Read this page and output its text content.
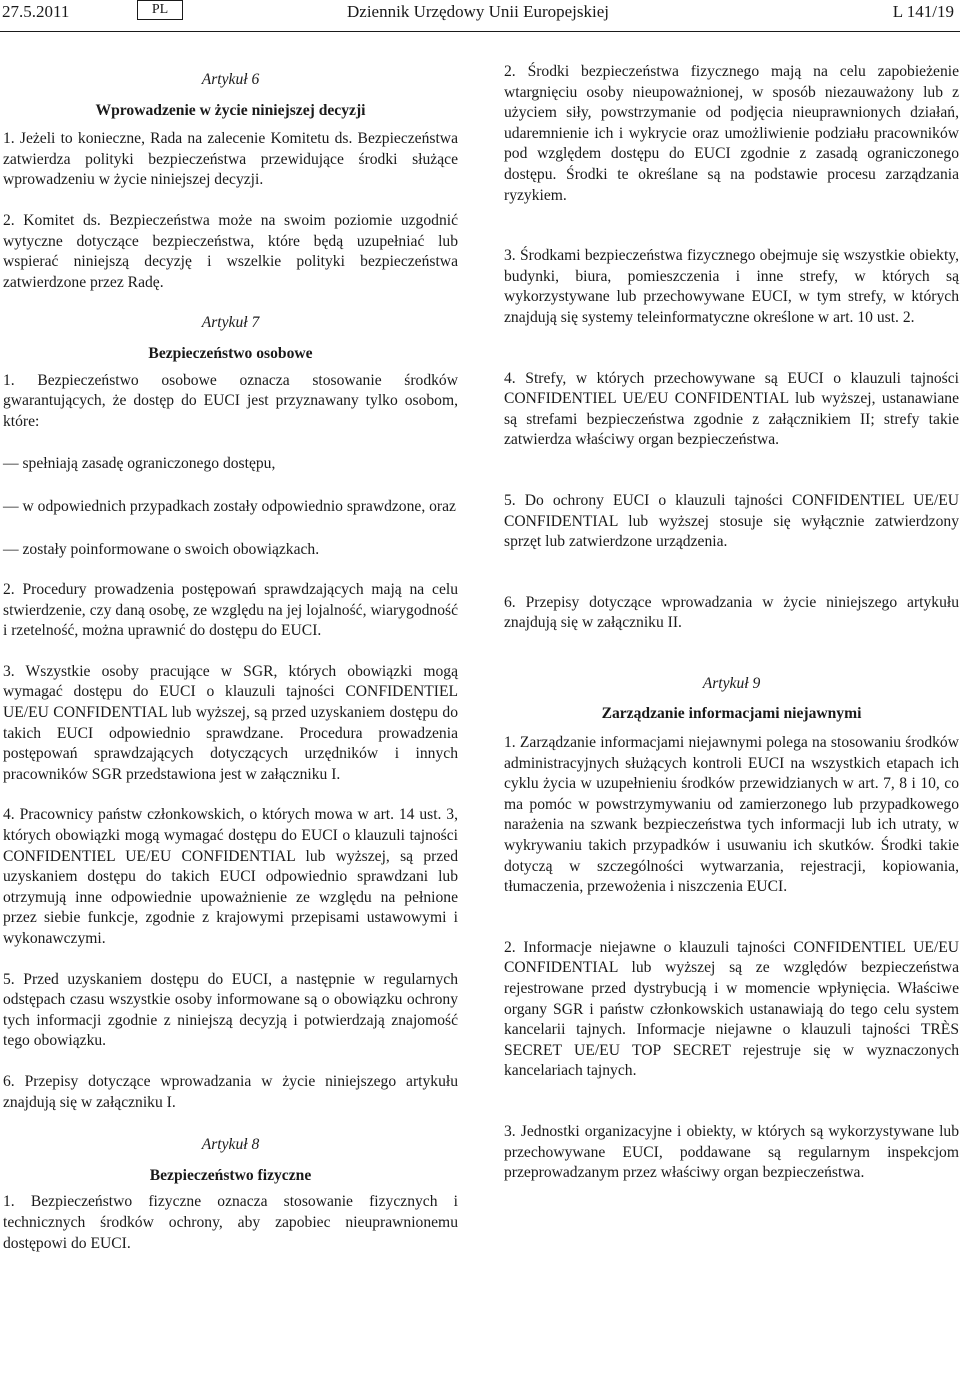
27.5.2011	PL	Dziennik Urzędowy Unii Europejskiej	L 141/19

Artykuł 6

Wprowadzenie w życie niniejszej decyzji

1. Jeżeli to konieczne, Rada na zalecenie Komitetu ds. Bezpieczeństwa zatwierdza polityki bezpieczeństwa przewidujące środki służące wprowadzeniu w życie niniejszej decyzji.

2. Komitet ds. Bezpieczeństwa może na swoim poziomie uzgodnić wytyczne dotyczące bezpieczeństwa, które będą uzupełniać lub wspierać niniejszą decyzję i wszelkie polityki bezpieczeństwa zatwierdzone przez Radę.

Artykuł 7

Bezpieczeństwo osobowe

1. Bezpieczeństwo osobowe oznacza stosowanie środków gwarantujących, że dostęp do EUCI jest przyznawany tylko osobom, które:

— spełniają zasadę ograniczonego dostępu,

— w odpowiednich przypadkach zostały odpowiednio sprawdzone, oraz

— zostały poinformowane o swoich obowiązkach.

2. Procedury prowadzenia postępowań sprawdzających mają na celu stwierdzenie, czy daną osobę, ze względu na jej lojalność, wiarygodność i rzetelność, można uprawnić do dostępu do EUCI.

3. Wszystkie osoby pracujące w SGR, których obowiązki mogą wymagać dostępu do EUCI o klauzuli tajności CONFIDENTIEL UE/EU CONFIDENTIAL lub wyższej, są przed uzyskaniem dostępu do takich EUCI odpowiednio sprawdzane. Procedura prowadzenia postępowań sprawdzających dotyczących urzędników i innych pracowników SGR przedstawiona jest w załączniku I.

4. Pracownicy państw członkowskich, o których mowa w art. 14 ust. 3, których obowiązki mogą wymagać dostępu do EUCI o klauzuli tajności CONFIDENTIEL UE/EU CONFIDENTIAL lub wyższej, są przed uzyskaniem dostępu do takich EUCI odpowiednio sprawdzani lub otrzymują inne odpowiednie upoważnienie ze względu na pełnione przez siebie funkcje, zgodnie z krajowymi przepisami ustawowymi i wykonawczymi.

5. Przed uzyskaniem dostępu do EUCI, a następnie w regularnych odstępach czasu wszystkie osoby informowane są o obowiązku ochrony tych informacji zgodnie z niniejszą decyzją i potwierdzają znajomość tego obowiązku.

6. Przepisy dotyczące wprowadzania w życie niniejszego artykułu znajdują się w załączniku I.

Artykuł 8

Bezpieczeństwo fizyczne

1. Bezpieczeństwo fizyczne oznacza stosowanie fizycznych i technicznych środków ochrony, aby zapobiec nieuprawnionemu dostępowi do EUCI.

2. Środki bezpieczeństwa fizycznego mają na celu zapobieżenie wtargnięciu osoby nieupoważnionej, w sposób niezauważony lub z użyciem siły, powstrzymanie od podjęcia nieuprawnionych działań, udaremnienie ich i wykrycie oraz umożliwienie podziału pracowników pod względem dostępu do EUCI zgodnie z zasadą ograniczonego dostępu. Środki te określane są na podstawie procesu zarządzania ryzykiem.

3. Środkami bezpieczeństwa fizycznego obejmuje się wszystkie obiekty, budynki, biura, pomieszczenia i inne strefy, w których są wykorzystywane lub przechowywane EUCI, w tym strefy, w których znajdują się systemy teleinformatyczne określone w art. 10 ust. 2.

4. Strefy, w których przechowywane są EUCI o klauzuli tajności CONFIDENTIEL UE/EU CONFIDENTIAL lub wyższej, ustanawiane są strefami bezpieczeństwa zgodnie z załącznikiem II; strefy takie zatwierdza właściwy organ bezpieczeństwa.

5. Do ochrony EUCI o klauzuli tajności CONFIDENTIEL UE/EU CONFIDENTIAL lub wyższej stosuje się wyłącznie zatwierdzony sprzęt lub zatwierdzone urządzenia.

6. Przepisy dotyczące wprowadzania w życie niniejszego artykułu znajdują się w załączniku II.

Artykuł 9

Zarządzanie informacjami niejawnymi

1. Zarządzanie informacjami niejawnymi polega na stosowaniu środków administracyjnych służących kontroli EUCI na wszystkich etapach ich cyklu życia w uzupełnieniu środków przewidzianych w art. 7, 8 i 10, co ma pomóc w powstrzymywaniu od zamierzonego lub przypadkowego narażenia na szwank bezpieczeństwa tych informacji lub ich utraty, w wykrywaniu takich przypadków i usuwaniu ich skutków. Środki takie dotyczą w szczególności wytwarzania, rejestracji, kopiowania, tłumaczenia, przewożenia i niszczenia EUCI.

2. Informacje niejawne o klauzuli tajności CONFIDENTIEL UE/EU CONFIDENTIAL lub wyższej są ze względów bezpieczeństwa rejestrowane przed dystrybucją i w momencie wpłynięcia. Właściwe organy SGR i państw członkowskich ustanawiają do tego celu system kancelarii tajnych. Informacje niejawne o klauzuli tajności TRÈS SECRET UE/EU TOP SECRET rejestruje się w wyznaczonych kancelariach tajnych.

3. Jednostki organizacyjne i obiekty, w których są wykorzystywane lub przechowywane EUCI, poddawane są regularnym inspekcjom przeprowadzanym przez właściwy organ bezpieczeństwa.
